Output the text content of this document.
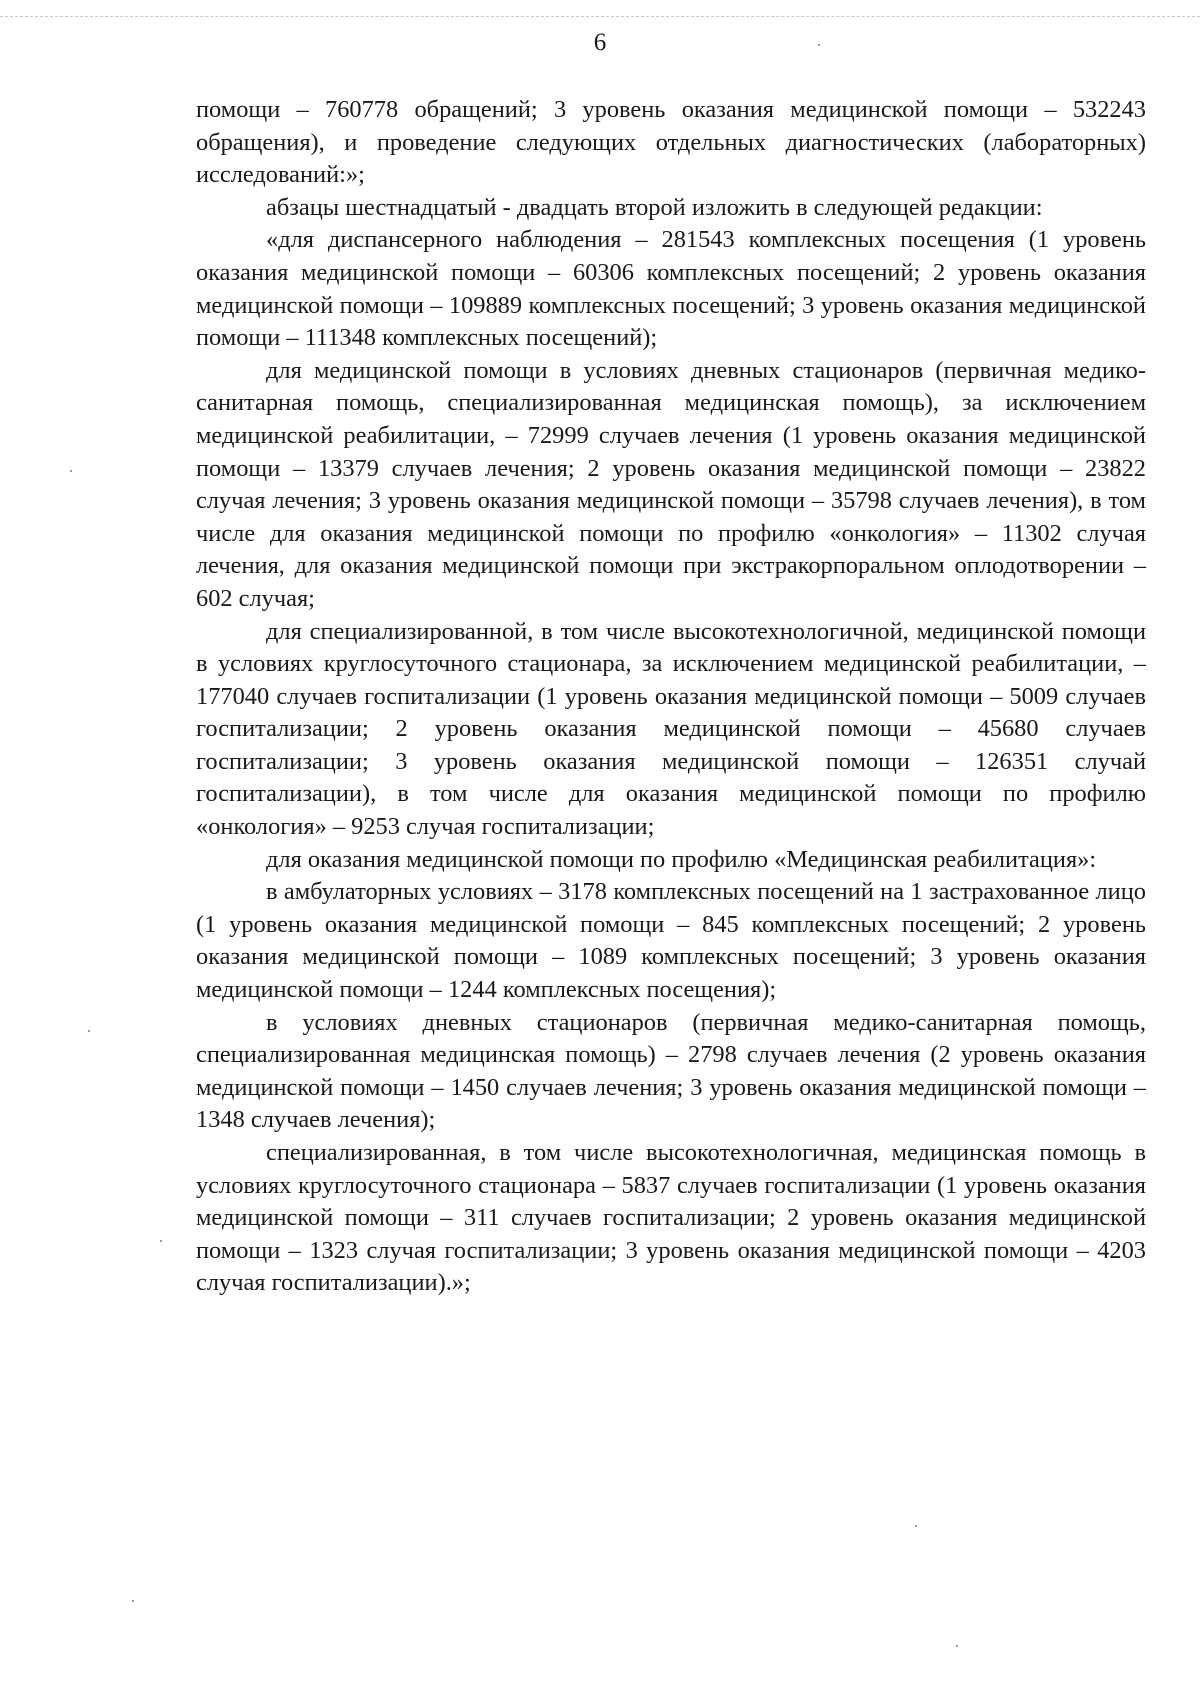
6

помощи – 760778 обращений; 3 уровень оказания медицинской помощи – 532243 обращения), и проведение следующих отдельных диагностических (лабораторных) исследований:»;

абзацы шестнадцатый - двадцать второй изложить в следующей редакции:

«для диспансерного наблюдения – 281543 комплексных посещения (1 уровень оказания медицинской помощи – 60306 комплексных посещений; 2 уровень оказания медицинской помощи – 109889 комплексных посещений; 3 уровень оказания медицинской помощи – 111348 комплексных посещений);

для медицинской помощи в условиях дневных стационаров (первичная медико-санитарная помощь, специализированная медицинская помощь), за исключением медицинской реабилитации, – 72999 случаев лечения (1 уровень оказания медицинской помощи – 13379 случаев лечения; 2 уровень оказания медицинской помощи – 23822 случая лечения; 3 уровень оказания медицинской помощи – 35798 случаев лечения), в том числе для оказания медицинской помощи по профилю «онкология» – 11302 случая лечения, для оказания медицинской помощи при экстракорпоральном оплодотворении – 602 случая;

для специализированной, в том числе высокотехнологичной, медицинской помощи в условиях круглосуточного стационара, за исключением медицинской реабилитации, – 177040 случаев госпитализации (1 уровень оказания медицинской помощи – 5009 случаев госпитализации; 2 уровень оказания медицинской помощи – 45680 случаев госпитализации; 3 уровень оказания медицинской помощи – 126351 случай госпитализации), в том числе для оказания медицинской помощи по профилю «онкология» – 9253 случая госпитализации;

для оказания медицинской помощи по профилю «Медицинская реабилитация»:

в амбулаторных условиях – 3178 комплексных посещений на 1 застрахованное лицо (1 уровень оказания медицинской помощи – 845 комплексных посещений; 2 уровень оказания медицинской помощи – 1089 комплексных посещений; 3 уровень оказания медицинской помощи – 1244 комплексных посещения);

в условиях дневных стационаров (первичная медико-санитарная помощь, специализированная медицинская помощь) – 2798 случаев лечения (2 уровень оказания медицинской помощи – 1450 случаев лечения; 3 уровень оказания медицинской помощи – 1348 случаев лечения);

специализированная, в том числе высокотехнологичная, медицинская помощь в условиях круглосуточного стационара – 5837 случаев госпитализации (1 уровень оказания медицинской помощи – 311 случаев госпитализации; 2 уровень оказания медицинской помощи – 1323 случая госпитализации; 3 уровень оказания медицинской помощи – 4203 случая госпитализации).»;
